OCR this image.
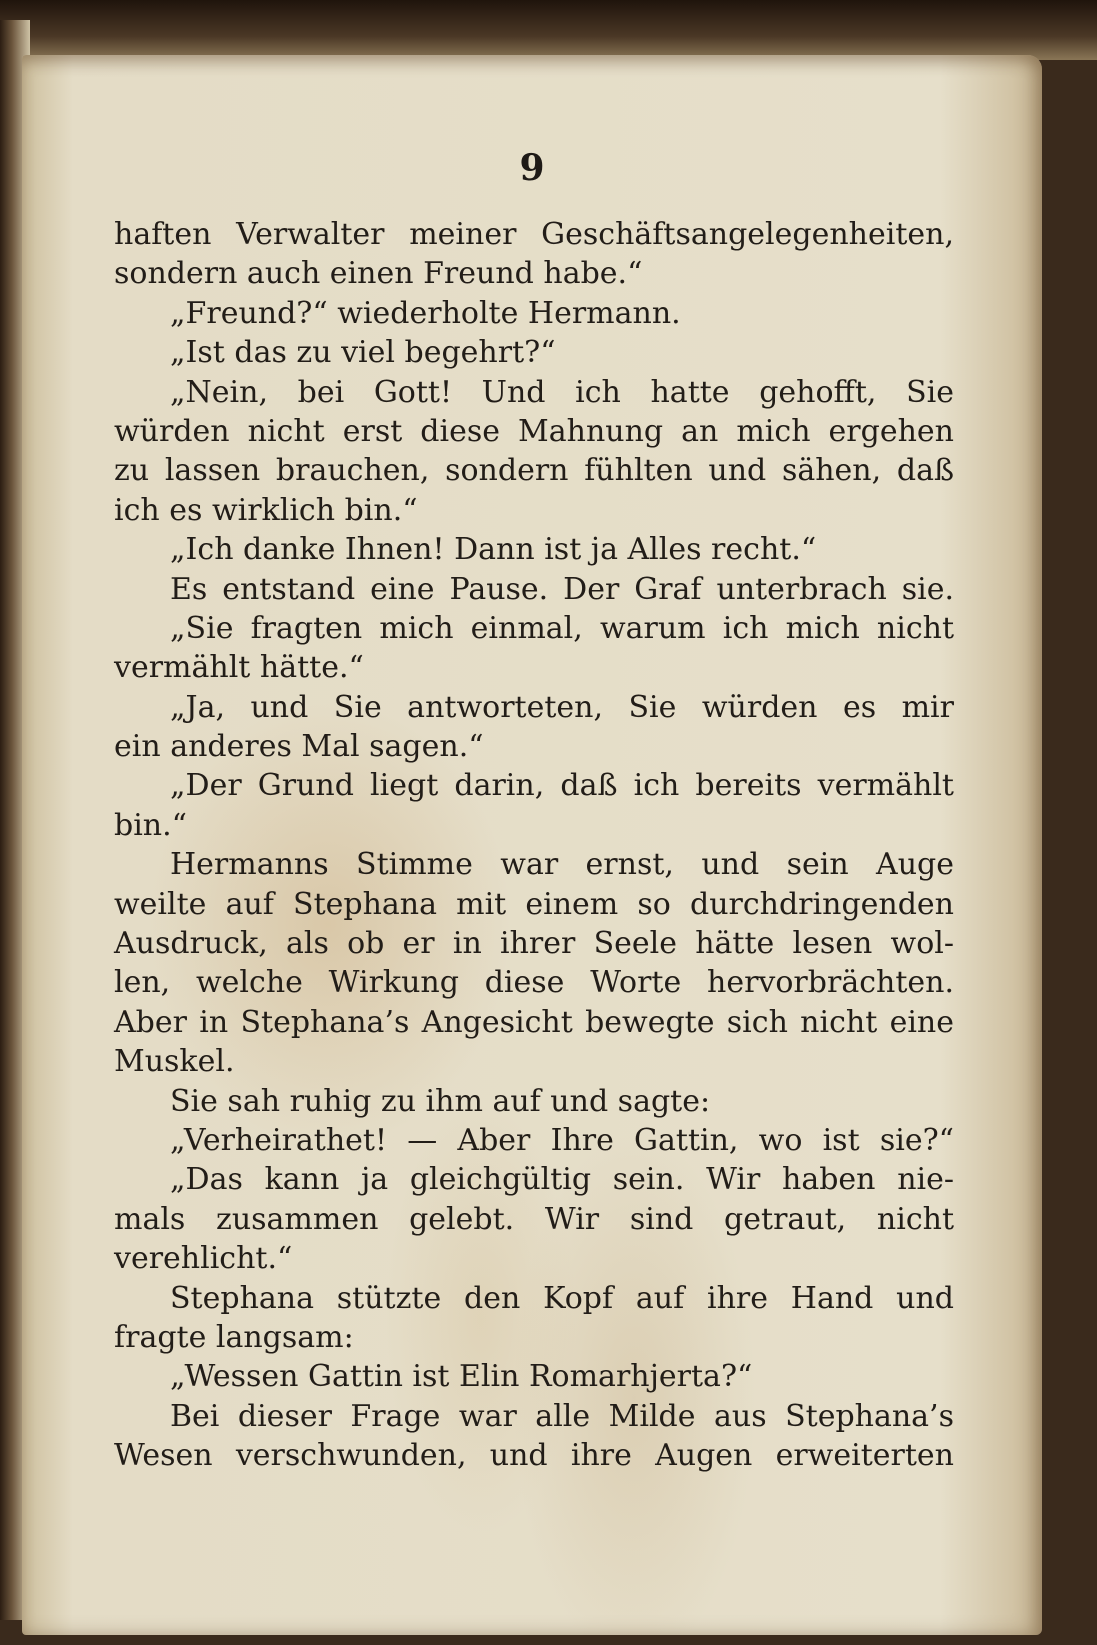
9
haften Verwalter meiner Geschäftsangelegenheiten,
sondern auch einen Freund habe.“
„Freund?“ wiederholte Hermann.
„Ist das zu viel begehrt?“
„Nein, bei Gott! Und ich hatte gehofft, Sie
würden nicht erst diese Mahnung an mich ergehen
zu lassen brauchen, sondern fühlten und sähen, daß
ich es wirklich bin.“
„Ich danke Ihnen! Dann ist ja Alles recht.“
Es entstand eine Pause. Der Graf unterbrach sie.
„Sie fragten mich einmal, warum ich mich nicht
vermählt hätte.“
„Ja, und Sie antworteten, Sie würden es mir
ein anderes Mal sagen.“
„Der Grund liegt darin, daß ich bereits vermählt
bin.“
Hermanns Stimme war ernst, und sein Auge
weilte auf Stephana mit einem so durchdringenden
Ausdruck, als ob er in ihrer Seele hätte lesen wol-
len, welche Wirkung diese Worte hervorbrächten.
Aber in Stephana’s Angesicht bewegte sich nicht eine
Muskel.
Sie sah ruhig zu ihm auf und sagte:
„Verheirathet! — Aber Ihre Gattin, wo ist sie?“
„Das kann ja gleichgültig sein. Wir haben nie-
mals zusammen gelebt. Wir sind getraut, nicht
verehlicht.“
Stephana stützte den Kopf auf ihre Hand und
fragte langsam:
„Wessen Gattin ist Elin Romarhjerta?“
Bei dieser Frage war alle Milde aus Stephana’s
Wesen verschwunden, und ihre Augen erweiterten
